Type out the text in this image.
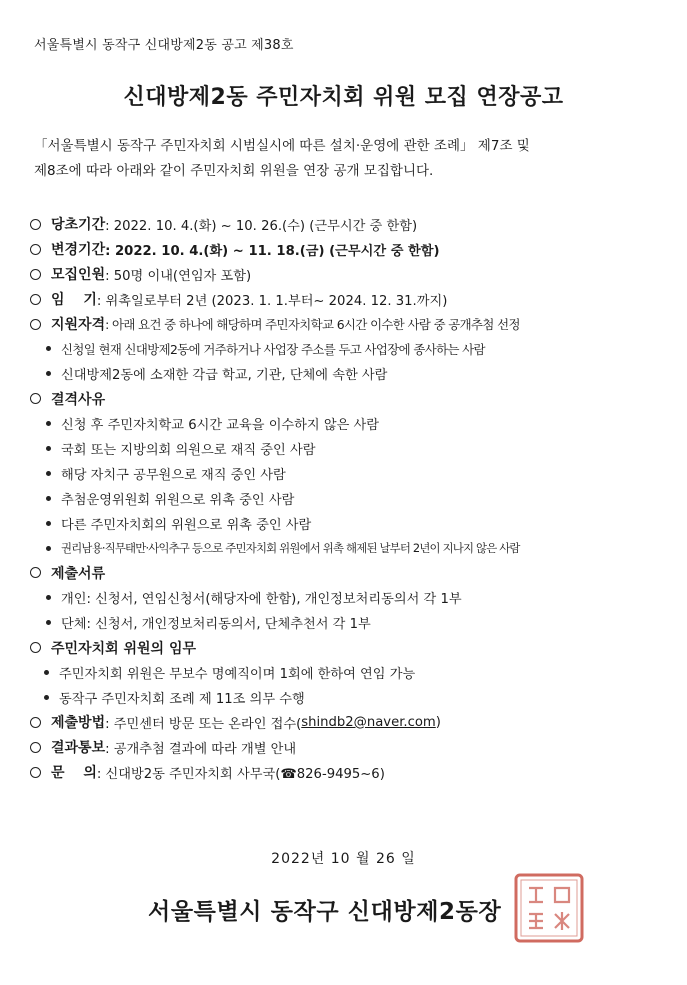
서울특별시 동작구 신대방제2동 공고 제38호
신대방제2동 주민자치회 위원 모집 연장공고

「서울특별시 동작구 주민자치회 시범실시에 따른 설치·운영에 관한 조례」 제7조 및

제8조에 따라 아래와 같이 주민자치회 위원을 연장 공개 모집합니다.

당초기간 : 2022. 10. 4.(화) ~ 10. 26.(수) (근무시간 중 한함)
변경기간 : 2022. 10. 4.(화) ~ 11. 18.(금) (근무시간 중 한함)
모집인원 : 50명 이내(연임자 포함)
임　 기 : 위촉일로부터 2년 (2023. 1. 1.부터~ 2024. 12. 31.까지)
지원자격 : 아래 요건 중 하나에 해당하며 주민자치학교 6시간 이수한 사람 중 공개추첨 선정
신청일 현재 신대방제2동에 거주하거나 사업장 주소를 두고 사업장에 종사하는 사람
신대방제2동에 소재한 각급 학교, 기관, 단체에 속한 사람
결격사유
신청 후 주민자치학교 6시간 교육을 이수하지 않은 사람
국회 또는 지방의회 의원으로 재직 중인 사람
해당 자치구 공무원으로 재직 중인 사람
추첨운영위원회 위원으로 위촉 중인 사람
다른 주민자치회의 위원으로 위촉 중인 사람
권리남용·직무태만·사익추구 등으로 주민자치회 위원에서 위촉 해제된 날부터 2년이 지나지 않은 사람
제출서류
개인: 신청서, 연임신청서(해당자에 한함), 개인정보처리동의서 각 1부
단체: 신청서, 개인정보처리동의서, 단체추천서 각 1부
주민자치회 위원의 임무
주민자치회 위원은 무보수 명예직이며 1회에 한하여 연임 가능
동작구 주민자치회 조례 제 11조 의무 수행
제출방법 : 주민센터 방문 또는 온라인 접수( shindb2@naver.com )
결과통보 : 공개추첨 결과에 따라 개별 안내
문　 의 : 신대방2동 주민자치회 사무국(☎826-9495~6)
2022년 10 월 26 일
서울특별시 동작구 신대방제2동장
